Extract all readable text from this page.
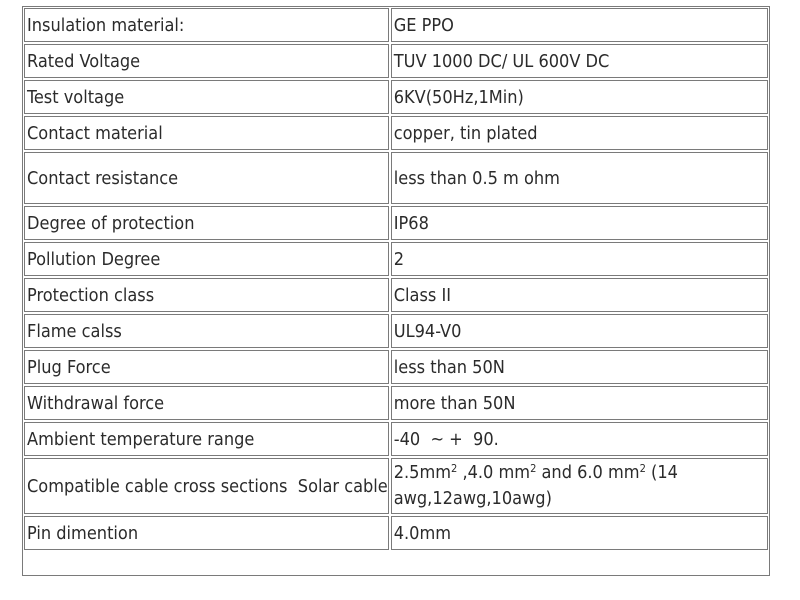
Insulation material:		GE PPO
Rated Voltage		TUV 1000 DC/ UL 600V DC
Test voltage		6KV(50Hz,1Min)
Contact material		copper, tin plated
Contact resistance		less than 0.5 m ohm
Degree of protection		IP68
Pollution Degree		2
Protection class		Class II
Flame calss		UL94-V0
Plug Force		less than 50N
Withdrawal force		more than 50N
Ambient temperature range		-40  ~ +  90.
Compatible cable cross sections  Solar cable		$2.5mm^2$ ,4.0 $mm^2$ and 6.0 $mm^2$ (14 awg,12awg,10awg)
Pin dimention		4.0mm
